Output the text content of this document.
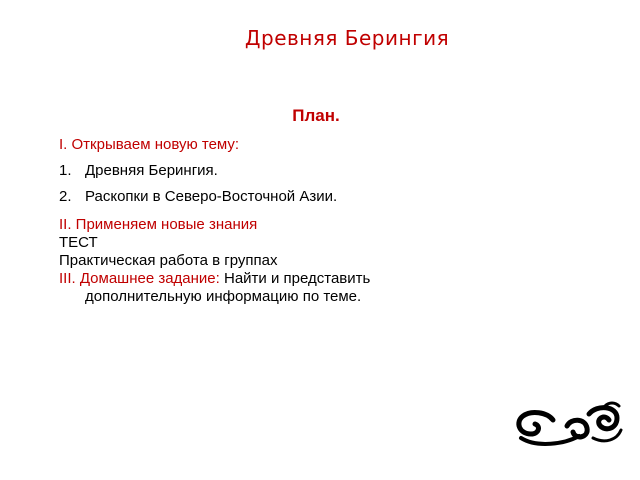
Древняя Берингия
План.

I. Открываем новую тему:

1. Древняя Берингия.
2. Раскопки в Северо-Восточной Азии.

II. Применяем новые знания

ТЕСТ

Практическая работа в группах

III. Домашнее задание: Найти и представить дополнительную информацию по теме.
